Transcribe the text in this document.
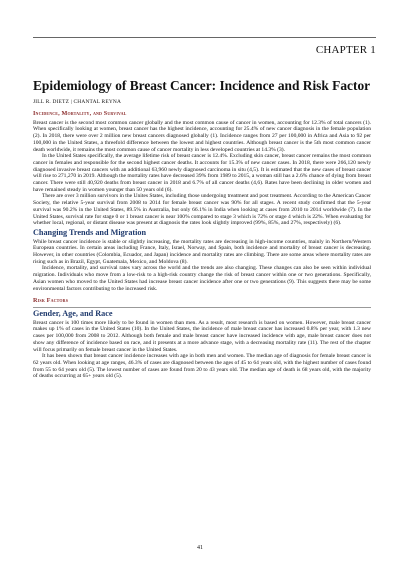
CHAPTER 1
Epidemiology of Breast Cancer: Incidence and Risk Factor
JILL R. DIETZ | CHANTAL REYNA
Incidence, Mortality, and Survival

Breast cancer is the second most common cancer globally and the most common cause of cancer in women, accounting for 12.3% of total cancers (1). When specifically looking at women, breast cancer has the highest incidence, accounting for 25.4% of new cancer diagnosis in the female population (2). In 2018, there were over 2 million new breast cancers diagnosed globally (1). Incidence ranges from 27 per 100,000 in Africa and Asia to 92 per 100,000 in the United States, a threefold difference between the lowest and highest countries. Although breast cancer is the 5th most common cancer death worldwide, it remains the most common cause of cancer mortality in less developed countries at 14.3% (3).

In the United States specifically, the average lifetime risk of breast cancer is 12.4%. Excluding skin cancer, breast cancer remains the most common cancer in females and responsible for the second highest cancer deaths. It accounts for 15.3% of new cancer cases. In 2018, there were 266,120 newly diagnosed invasive breast cancers with an additional 63,960 newly diagnosed carcinoma in situ (4,5). It is estimated that the new cases of breast cancer will rise to 271,270 in 2019. Although the mortality rates have decreased 39% from 1989 to 2015, a woman still has a 2.6% chance of dying from breast cancer. There were still 40,920 deaths from breast cancer in 2018 and 6.7% of all cancer deaths (4,6). Rates have been declining in older women and have remained steady in women younger than 50 years old (6).

There are over 3 million survivors in the Unites States, including those undergoing treatment and post treatment. According to the American Cancer Society, the relative 5-year survival from 2008 to 2014 for female breast cancer was 90% for all stages. A recent study confirmed that the 5-year survival was 90.2% in the United States, 89.5% in Australia, but only 66.1% in India when looking at cases from 2010 to 2014 worldwide (7). In the United States, survival rate for stage 0 or 1 breast cancer is near 100% compared to stage 3 which is 72% or stage 4 which is 22%. When evaluating for whether local, regional, or distant disease was present at diagnosis the rates look slightly improved (99%, 85%, and 27%, respectively) (6).

Changing Trends and Migration

While breast cancer incidence is stable or slightly increasing, the mortality rates are decreasing in high-income countries, mainly in Northern/Western European countries. In certain areas including France, Italy, Israel, Norway, and Spain, both incidence and mortality of breast cancer is decreasing. However, in other countries (Colombia, Ecuador, and Japan) incidence and mortality rates are climbing. There are some areas where mortality rates are rising such as in Brazil, Egypt, Guatemala, Mexico, and Moldova (8).

Incidence, mortality, and survival rates vary across the world and the trends are also changing. These changes can also be seen within individual migration. Individuals who move from a low-risk to a high-risk country change the risk of breast cancer within one or two generations. Specifically, Asian women who moved to the United States had increase breast cancer incidence after one or two generations (9). This suggests there may be some environmental factors contributing to the increased risk.

Risk Factors
Gender, Age, and Race

Breast cancer is 100 times more likely to be found in women than men. As a result, most research is based on women. However, male breast cancer makes up 1% of cases in the United States (10). In the United States, the incidence of male breast cancer has increased 0.8% per year, with 1.3 new cases per 100,000 from 2008 to 2012. Although both female and male breast cancer have increased incidence with age, male breast cancer does not show any difference of incidence based on race, and it presents at a more advance stage, with a decreasing mortality rate (11). The rest of the chapter will focus primarily on female breast cancer in the United States.

It has been shown that breast cancer incidence increases with age in both men and women. The median age of diagnosis for female breast cancer is 62 years old. When looking at age ranges, 46.3% of cases are diagnosed between the ages of 45 to 64 years old, with the highest number of cases found from 55 to 64 years old (5). The lowest number of cases are found from 20 to 43 years old. The median age of death is 68 years old, with the majority of deaths occurring at 65+ years old (5).

41
